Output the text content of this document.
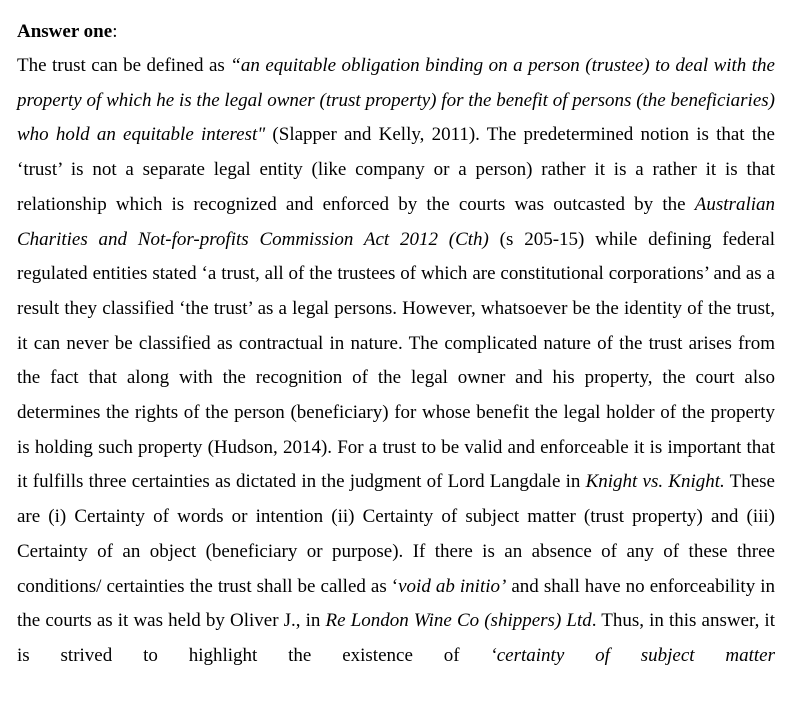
Answer one:

The trust can be defined as “an equitable obligation binding on a person (trustee) to deal with the property of which he is the legal owner (trust property) for the benefit of persons (the beneficiaries) who hold an equitable interest" (Slapper and Kelly, 2011). The predetermined notion is that the ‘trust’ is not a separate legal entity (like company or a person) rather it is a rather it is that relationship which is recognized and enforced by the courts was outcasted by the Australian Charities and Not-for-profits Commission Act 2012 (Cth) (s 205-15) while defining federal regulated entities stated ‘a trust, all of the trustees of which are constitutional corporations’ and as a result they classified ‘the trust’ as a legal persons. However, whatsoever be the identity of the trust, it can never be classified as contractual in nature. The complicated nature of the trust arises from the fact that along with the recognition of the legal owner and his property, the court also determines the rights of the person (beneficiary) for whose benefit the legal holder of the property is holding such property (Hudson, 2014). For a trust to be valid and enforceable it is important that it fulfills three certainties as dictated in the judgment of Lord Langdale in Knight vs. Knight. These are (i) Certainty of words or intention (ii) Certainty of subject matter (trust property) and (iii) Certainty of an object (beneficiary or purpose). If there is an absence of any of these three conditions/ certainties the trust shall be called as ‘void ab initio’ and shall have no enforceability in the courts as it was held by Oliver J., in Re London Wine Co (shippers) Ltd. Thus, in this answer, it is strived to highlight the existence of ‘certainty of subject matter
